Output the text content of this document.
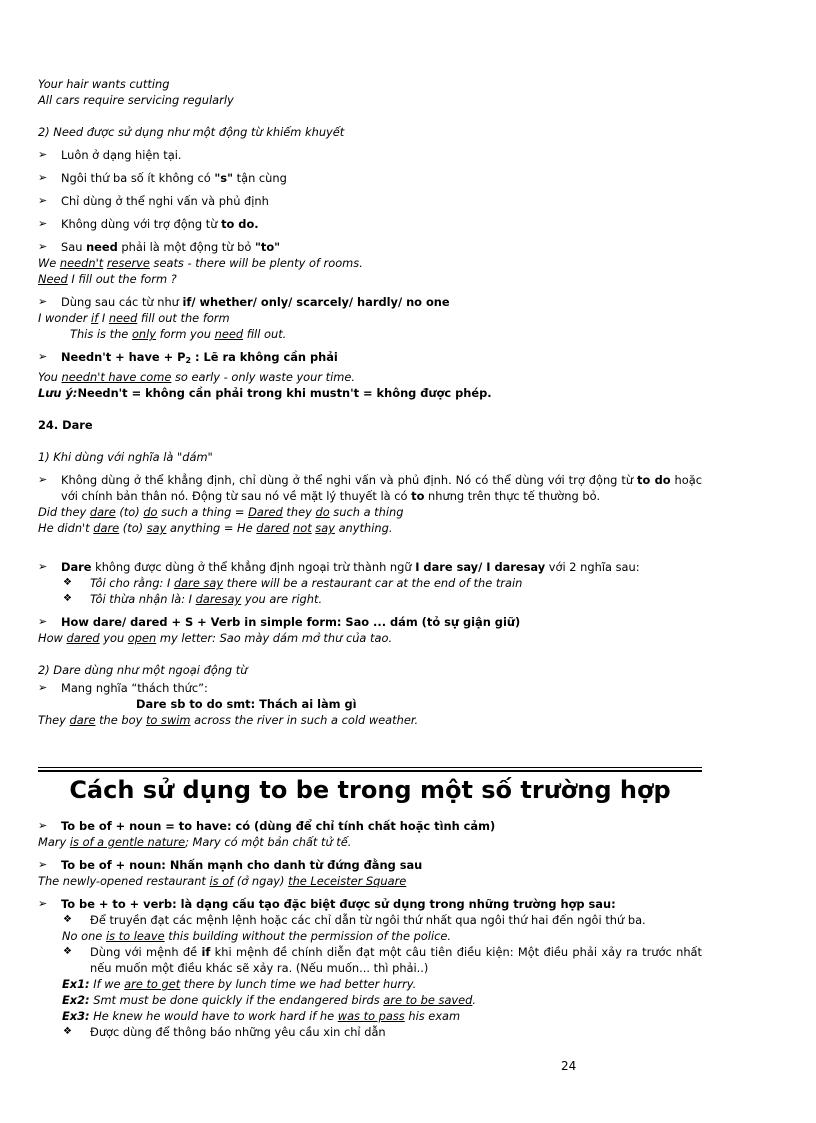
Your hair wants cutting
All cars require servicing regularly
2) Need được sử dụng như một động từ khiếm khuyết
➢ Luôn ở dạng hiện tại.
➢ Ngôi thứ ba số ít không có "s" tận cùng
➢ Chỉ dùng ở thể nghi vấn và phủ định
➢ Không dùng với trợ động từ to do.
➢ Sau need phải là một động từ bỏ "to"
We needn't reserve seats - there will be plenty of rooms.
Need I fill out the form ?
➢ Dùng sau các từ như if/ whether/ only/ scarcely/ hardly/ no one
I wonder if I need fill out the form
This is the only form you need fill out.
➢ Needn't + have + $P_2$ : Lẽ ra không cần phải
You needn't have come so early - only waste your time.
Lưu ý:Needn't = không cần phải trong khi mustn't = không được phép.
24. Dare
1) Khi dùng với nghĩa là "dám"
➢ Không dùng ở thể khẳng định, chỉ dùng ở thể nghi vấn và phủ định. Nó có thể dùng với trợ động từ to do hoặc với chính bản thân nó. Động từ sau nó về mặt lý thuyết là có to nhưng trên thực tế thường bỏ.
Did they dare (to) do such a thing = Dared they do such a thing
He didn't dare (to) say anything = He dared not say anything.
➢ Dare không được dùng ở thể khẳng định ngoại trừ thành ngữ I dare say/ I daresay với 2 nghĩa sau:
❖ Tôi cho rằng: I dare say there will be a restaurant car at the end of the train
❖ Tôi thừa nhận là: I daresay you are right.
➢ How dare/ dared + S + Verb in simple form: Sao ... dám (tỏ sự giận giữ)
How dared you open my letter: Sao mày dám mở thư của tao.
2) Dare dùng như một ngoại động từ
➢ Mang nghĩa “thách thức”:
Dare sb to do smt: Thách ai làm gì
They dare the boy to swim across the river in such a cold weather.
Cách sử dụng to be trong một số trường hợp
➢ To be of + noun = to have: có (dùng để chỉ tính chất hoặc tình cảm)
Mary is of a gentle nature; Mary có một bản chất tử tế.
➢ To be of + noun: Nhấn mạnh cho danh từ đứng đằng sau
The newly-opened restaurant is of (ở ngay) the Leceister Square
➢ To be + to + verb: là dạng cấu tạo đặc biệt được sử dụng trong những trường hợp sau:
❖ Để truyền đạt các mệnh lệnh hoặc các chỉ dẫn từ ngôi thứ nhất qua ngôi thứ hai đến ngôi thứ ba.
No one is to leave this building without the permission of the police.
❖ Dùng với mệnh đề if khi mệnh đề chính diễn đạt một câu tiên điều kiện: Một điều phải xảy ra trước nhất nếu muốn một điều khác sẽ xảy ra. (Nếu muốn... thì phải..)
Ex1: If we are to get there by lunch time we had better hurry.
Ex2: Smt must be done quickly if the endangered birds are to be saved.
Ex3: He knew he would have to work hard if he was to pass his exam
❖ Được dùng để thông báo những yêu cầu xin chỉ dẫn
24
